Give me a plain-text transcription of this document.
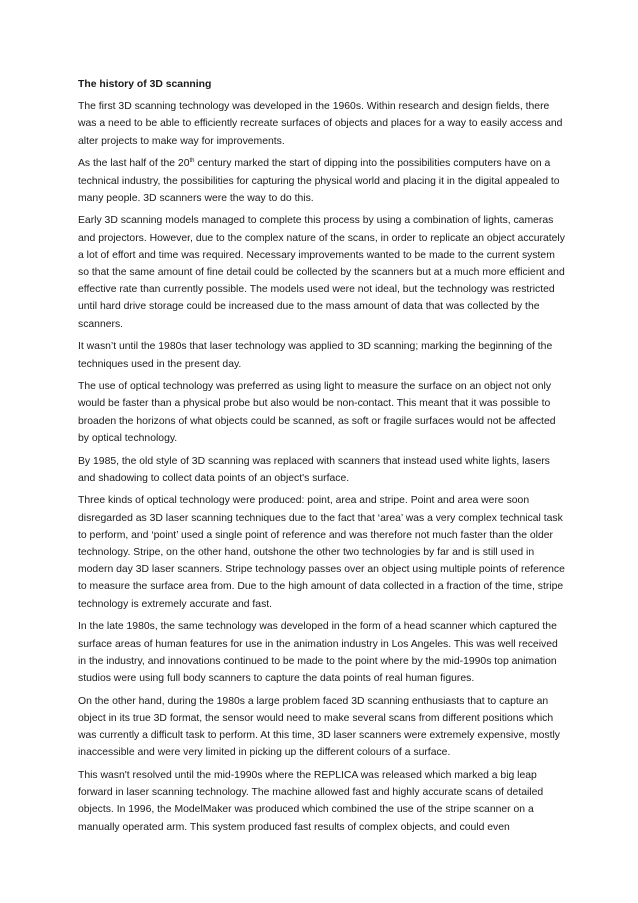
The history of 3D scanning

The first 3D scanning technology was developed in the 1960s. Within research and design fields, there was a need to be able to efficiently recreate surfaces of objects and places for a way to easily access and alter projects to make way for improvements.

As the last half of the 20th century marked the start of dipping into the possibilities computers have on a technical industry, the possibilities for capturing the physical world and placing it in the digital appealed to many people. 3D scanners were the way to do this.

Early 3D scanning models managed to complete this process by using a combination of lights, cameras and projectors. However, due to the complex nature of the scans, in order to replicate an object accurately a lot of effort and time was required. Necessary improvements wanted to be made to the current system so that the same amount of fine detail could be collected by the scanners but at a much more efficient and effective rate than currently possible. The models used were not ideal, but the technology was restricted until hard drive storage could be increased due to the mass amount of data that was collected by the scanners.

It wasn’t until the 1980s that laser technology was applied to 3D scanning; marking the beginning of the techniques used in the present day.

The use of optical technology was preferred as using light to measure the surface on an object not only would be faster than a physical probe but also would be non-contact. This meant that it was possible to broaden the horizons of what objects could be scanned, as soft or fragile surfaces would not be affected by optical technology.

By 1985, the old style of 3D scanning was replaced with scanners that instead used white lights, lasers and shadowing to collect data points of an object's surface.

Three kinds of optical technology were produced: point, area and stripe. Point and area were soon disregarded as 3D laser scanning techniques due to the fact that ‘area’ was a very complex technical task to perform, and ‘point’ used a single point of reference and was therefore not much faster than the older technology. Stripe, on the other hand, outshone the other two technologies by far and is still used in modern day 3D laser scanners. Stripe technology passes over an object using multiple points of reference to measure the surface area from. Due to the high amount of data collected in a fraction of the time, stripe technology is extremely accurate and fast.

In the late 1980s, the same technology was developed in the form of a head scanner which captured the surface areas of human features for use in the animation industry in Los Angeles. This was well received in the industry, and innovations continued to be made to the point where by the mid-1990s top animation studios were using full body scanners to capture the data points of real human figures.

On the other hand, during the 1980s a large problem faced 3D scanning enthusiasts that to capture an object in its true 3D format, the sensor would need to make several scans from different positions which was currently a difficult task to perform. At this time, 3D laser scanners were extremely expensive, mostly inaccessible and were very limited in picking up the different colours of a surface.

This wasn't resolved until the mid-1990s where the REPLICA was released which marked a big leap forward in laser scanning technology. The machine allowed fast and highly accurate scans of detailed objects. In 1996, the ModelMaker was produced which combined the use of the stripe scanner on a manually operated arm. This system produced fast results of complex objects, and could even
